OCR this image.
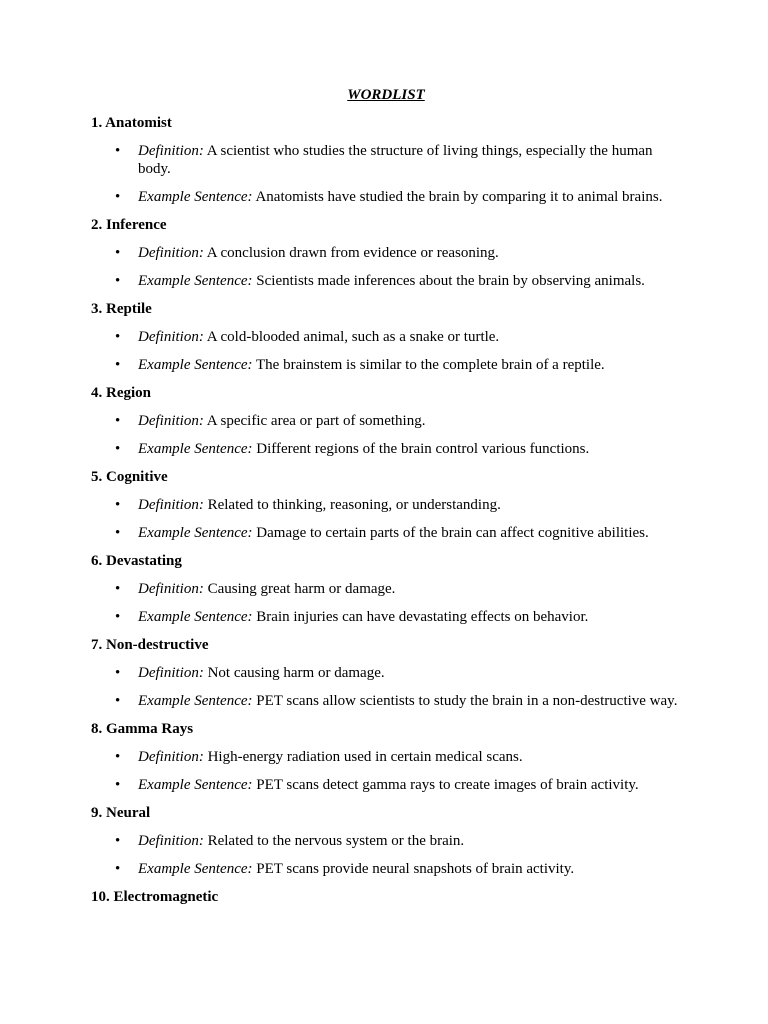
WORDLIST
1. Anatomist
• Definition: A scientist who studies the structure of living things, especially the human body.
• Example Sentence: Anatomists have studied the brain by comparing it to animal brains.
2. Inference
• Definition: A conclusion drawn from evidence or reasoning.
• Example Sentence: Scientists made inferences about the brain by observing animals.
3. Reptile
• Definition: A cold-blooded animal, such as a snake or turtle.
• Example Sentence: The brainstem is similar to the complete brain of a reptile.
4. Region
• Definition: A specific area or part of something.
• Example Sentence: Different regions of the brain control various functions.
5. Cognitive
• Definition: Related to thinking, reasoning, or understanding.
• Example Sentence: Damage to certain parts of the brain can affect cognitive abilities.
6. Devastating
• Definition: Causing great harm or damage.
• Example Sentence: Brain injuries can have devastating effects on behavior.
7. Non-destructive
• Definition: Not causing harm or damage.
• Example Sentence: PET scans allow scientists to study the brain in a non-destructive way.
8. Gamma Rays
• Definition: High-energy radiation used in certain medical scans.
• Example Sentence: PET scans detect gamma rays to create images of brain activity.
9. Neural
• Definition: Related to the nervous system or the brain.
• Example Sentence: PET scans provide neural snapshots of brain activity.
10. Electromagnetic
